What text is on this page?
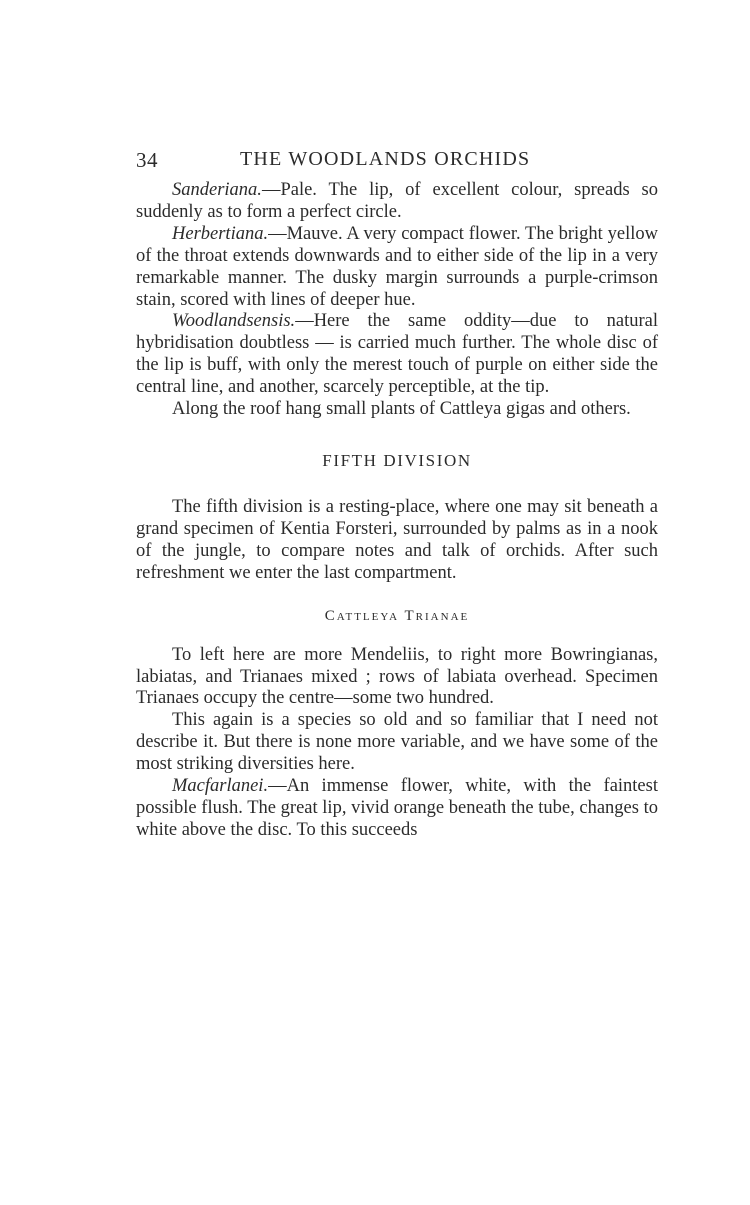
34	THE WOODLANDS ORCHIDS

Sanderiana.—Pale. The lip, of excellent colour, spreads so suddenly as to form a perfect circle.

Herbertiana.—Mauve. A very compact flower. The bright yellow of the throat extends downwards and to either side of the lip in a very remarkable manner. The dusky margin surrounds a purple-crimson stain, scored with lines of deeper hue.

Woodlandsensis.—Here the same oddity—due to natural hybridisation doubtless — is carried much further. The whole disc of the lip is buff, with only the merest touch of purple on either side the central line, and another, scarcely perceptible, at the tip.

Along the roof hang small plants of Cattleya gigas and others.

FIFTH DIVISION

The fifth division is a resting-place, where one may sit beneath a grand specimen of Kentia Forsteri, surrounded by palms as in a nook of the jungle, to compare notes and talk of orchids. After such refreshment we enter the last compartment.

Cattleya Trianae

To left here are more Mendeliis, to right more Bowringianas, labiatas, and Trianaes mixed ; rows of labiata overhead. Specimen Trianaes occupy the centre—some two hundred.

This again is a species so old and so familiar that I need not describe it. But there is none more variable, and we have some of the most striking diversities here.

Macfarlanei.—An immense flower, white, with the faintest possible flush. The great lip, vivid orange beneath the tube, changes to white above the disc. To this succeeds
